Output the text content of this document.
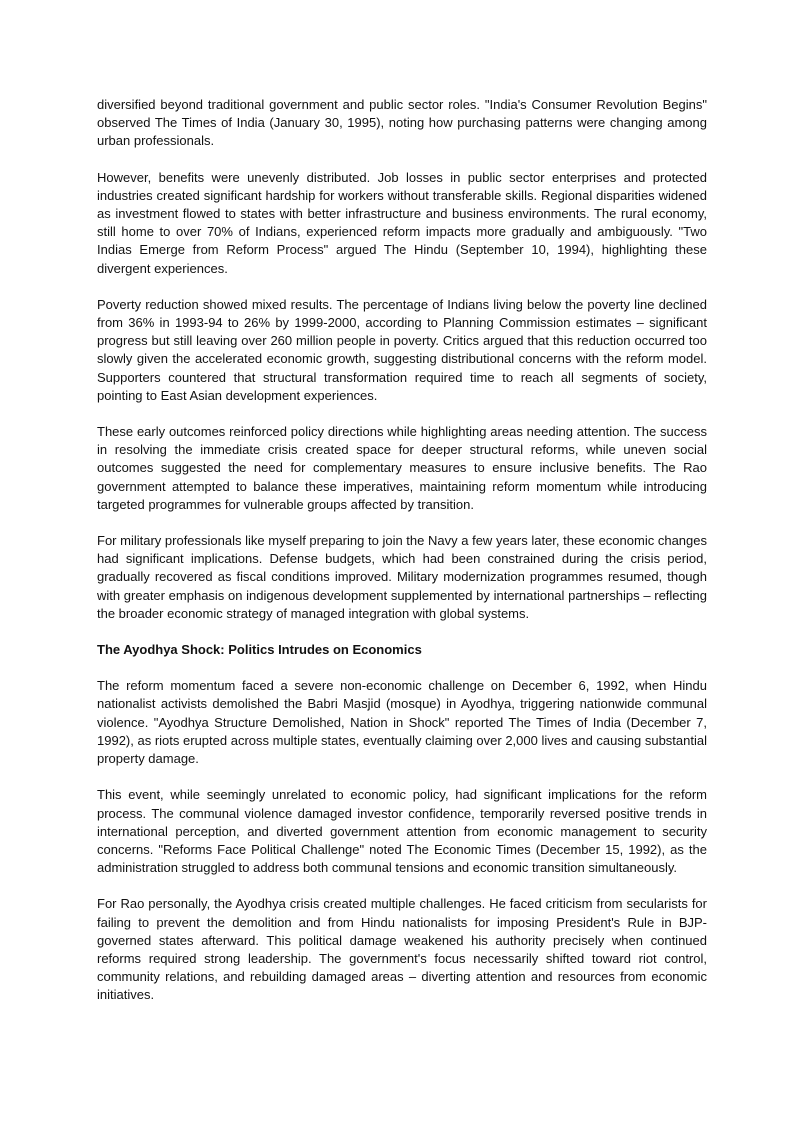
diversified beyond traditional government and public sector roles. "India's Consumer Revolution Begins" observed The Times of India (January 30, 1995), noting how purchasing patterns were changing among urban professionals.

However, benefits were unevenly distributed. Job losses in public sector enterprises and protected industries created significant hardship for workers without transferable skills. Regional disparities widened as investment flowed to states with better infrastructure and business environments. The rural economy, still home to over 70% of Indians, experienced reform impacts more gradually and ambiguously. "Two Indias Emerge from Reform Process" argued The Hindu (September 10, 1994), highlighting these divergent experiences.

Poverty reduction showed mixed results. The percentage of Indians living below the poverty line declined from 36% in 1993-94 to 26% by 1999-2000, according to Planning Commission estimates – significant progress but still leaving over 260 million people in poverty. Critics argued that this reduction occurred too slowly given the accelerated economic growth, suggesting distributional concerns with the reform model. Supporters countered that structural transformation required time to reach all segments of society, pointing to East Asian development experiences.

These early outcomes reinforced policy directions while highlighting areas needing attention. The success in resolving the immediate crisis created space for deeper structural reforms, while uneven social outcomes suggested the need for complementary measures to ensure inclusive benefits. The Rao government attempted to balance these imperatives, maintaining reform momentum while introducing targeted programmes for vulnerable groups affected by transition.

For military professionals like myself preparing to join the Navy a few years later, these economic changes had significant implications. Defense budgets, which had been constrained during the crisis period, gradually recovered as fiscal conditions improved. Military modernization programmes resumed, though with greater emphasis on indigenous development supplemented by international partnerships – reflecting the broader economic strategy of managed integration with global systems.

The Ayodhya Shock: Politics Intrudes on Economics

The reform momentum faced a severe non-economic challenge on December 6, 1992, when Hindu nationalist activists demolished the Babri Masjid (mosque) in Ayodhya, triggering nationwide communal violence. "Ayodhya Structure Demolished, Nation in Shock" reported The Times of India (December 7, 1992), as riots erupted across multiple states, eventually claiming over 2,000 lives and causing substantial property damage.

This event, while seemingly unrelated to economic policy, had significant implications for the reform process. The communal violence damaged investor confidence, temporarily reversed positive trends in international perception, and diverted government attention from economic management to security concerns. "Reforms Face Political Challenge" noted The Economic Times (December 15, 1992), as the administration struggled to address both communal tensions and economic transition simultaneously.

For Rao personally, the Ayodhya crisis created multiple challenges. He faced criticism from secularists for failing to prevent the demolition and from Hindu nationalists for imposing President's Rule in BJP-governed states afterward. This political damage weakened his authority precisely when continued reforms required strong leadership. The government's focus necessarily shifted toward riot control, community relations, and rebuilding damaged areas – diverting attention and resources from economic initiatives.
